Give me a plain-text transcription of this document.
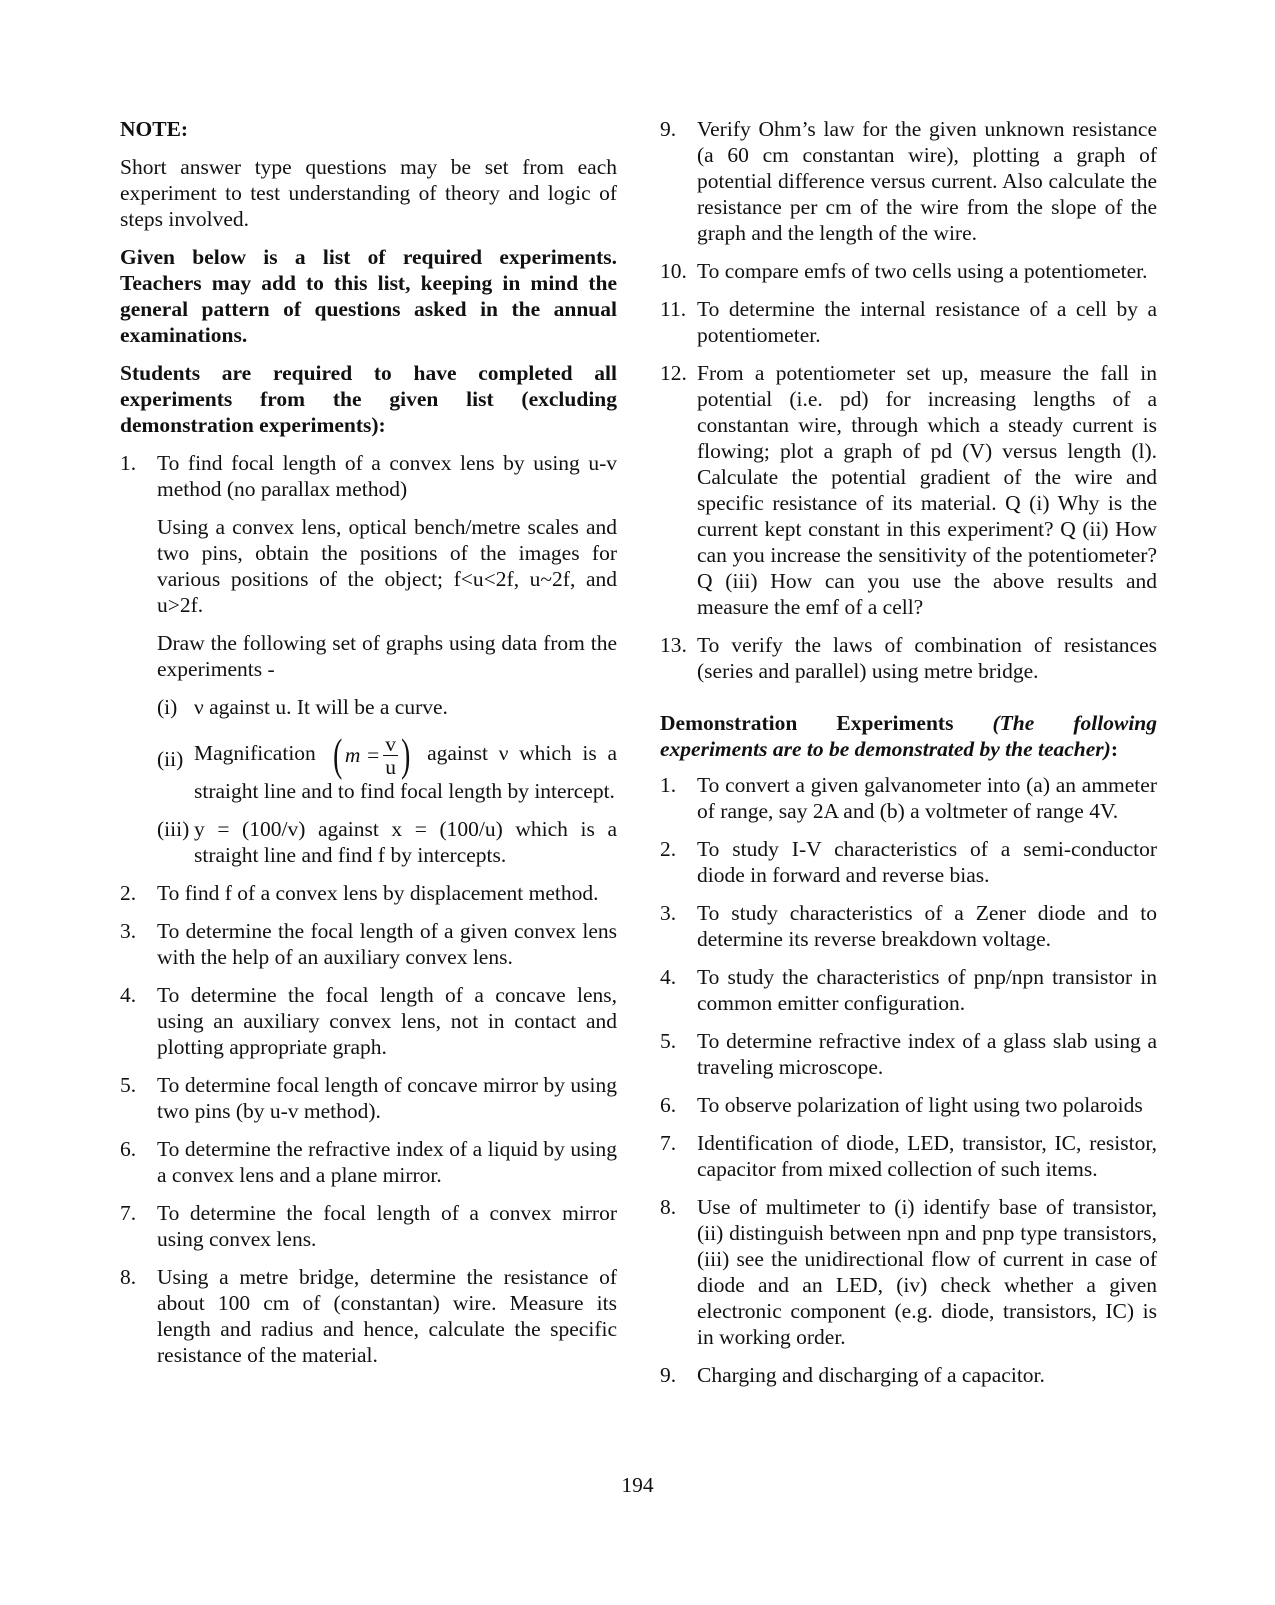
NOTE:

Short answer type questions may be set from each experiment to test understanding of theory and logic of steps involved.

Given below is a list of required experiments. Teachers may add to this list, keeping in mind the general pattern of questions asked in the annual examinations.

Students are required to have completed all experiments from the given list (excluding demonstration experiments):

1. To find focal length of a convex lens by using u-v method (no parallax method)

Using a convex lens, optical bench/metre scales and two pins, obtain the positions of the images for various positions of the object; f<u<2f, u~2f, and u>2f.

Draw the following set of graphs using data from the experiments -

(i) ν against u. It will be a curve.
(ii) Magnification ( $m = \frac{v}{u}$ ) against ν which is a straight line and to find focal length by intercept.
(iii) y = (100/v) against x = (100/u) which is a straight line and find f by intercepts.
2. To find f of a convex lens by displacement method.
3. To determine the focal length of a given convex lens with the help of an auxiliary convex lens.
4. To determine the focal length of a concave lens, using an auxiliary convex lens, not in contact and plotting appropriate graph.
5. To determine focal length of concave mirror by using two pins (by u-v method).
6. To determine the refractive index of a liquid by using a convex lens and a plane mirror.
7. To determine the focal length of a convex mirror using convex lens.
8. Using a metre bridge, determine the resistance of about 100 cm of (constantan) wire. Measure its length and radius and hence, calculate the specific resistance of the material.
9. Verify Ohm’s law for the given unknown resistance (a 60 cm constantan wire), plotting a graph of potential difference versus current. Also calculate the resistance per cm of the wire from the slope of the graph and the length of the wire.
10. To compare emfs of two cells using a potentiometer.
11. To determine the internal resistance of a cell by a potentiometer.
12. From a potentiometer set up, measure the fall in potential (i.e. pd) for increasing lengths of a constantan wire, through which a steady current is flowing; plot a graph of pd (V) versus length (l). Calculate the potential gradient of the wire and specific resistance of its material. Q (i) Why is the current kept constant in this experiment? Q (ii) How can you increase the sensitivity of the potentiometer? Q (iii) How can you use the above results and measure the emf of a cell?
13. To verify the laws of combination of resistances (series and parallel) using metre bridge.

Demonstration Experiments (The following experiments are to be demonstrated by the teacher):

1. To convert a given galvanometer into (a) an ammeter of range, say 2A and (b) a voltmeter of range 4V.
2. To study I-V characteristics of a semi-conductor diode in forward and reverse bias.
3. To study characteristics of a Zener diode and to determine its reverse breakdown voltage.
4. To study the characteristics of pnp/npn transistor in common emitter configuration.
5. To determine refractive index of a glass slab using a traveling microscope.
6. To observe polarization of light using two polaroids
7. Identification of diode, LED, transistor, IC, resistor, capacitor from mixed collection of such items.
8. Use of multimeter to (i) identify base of transistor, (ii) distinguish between npn and pnp type transistors, (iii) see the unidirectional flow of current in case of diode and an LED, (iv) check whether a given electronic component (e.g. diode, transistors, IC) is in working order.
9. Charging and discharging of a capacitor.
194
